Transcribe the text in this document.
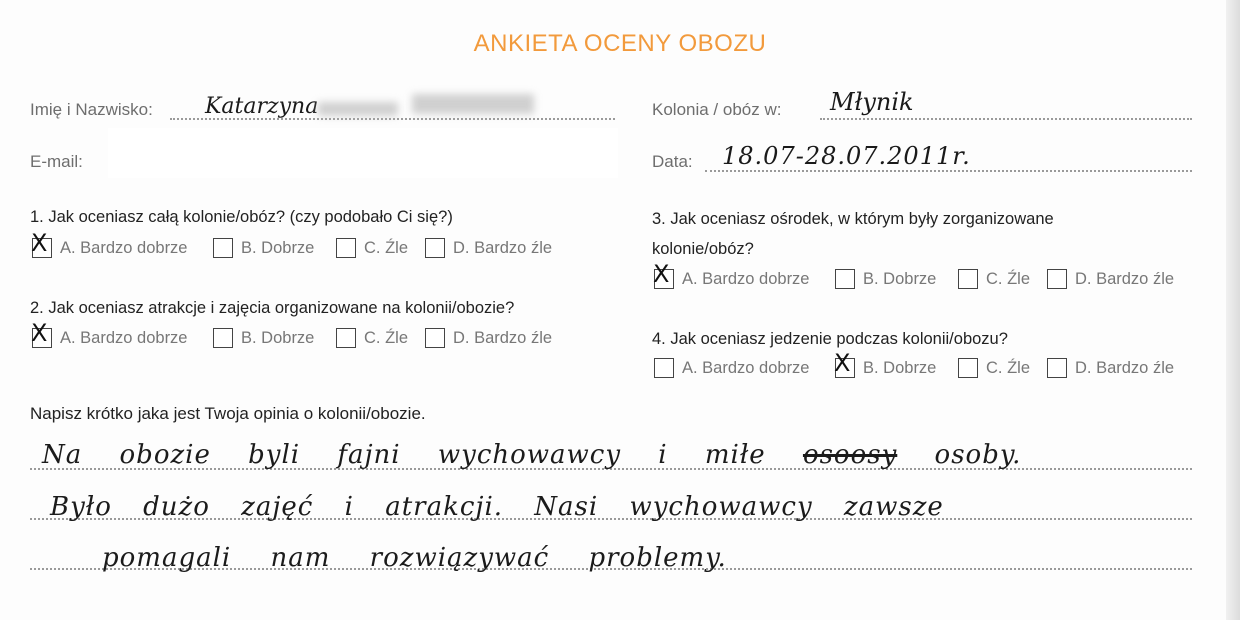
ANKIETA OCENY OBOZU
Imię i Nazwisko: Katarzyna
E-mail:
Kolonia / obóz w: Młynik
Data: 18.07-28.07.2011r.
1. Jak oceniasz całą kolonie/obóz? (czy podobało Ci się?)
X A. Bardzo dobrze	B. Dobrze	C. Źle	D. Bardzo źle
2. Jak oceniasz atrakcje i zajęcia organizowane na kolonii/obozie?
X A. Bardzo dobrze	B. Dobrze	C. Źle	D. Bardzo źle
3. Jak oceniasz ośrodek, w którym były zorganizowane
kolonie/obóz?
X A. Bardzo dobrze	B. Dobrze	C. Źle	D. Bardzo źle
4. Jak oceniasz jedzenie podczas kolonii/obozu?
A. Bardzo dobrze X B. Dobrze	C. Źle	D. Bardzo źle
Napisz krótko jaka jest Twoja opinia o kolonii/obozie.
Na obozie byli fajni wychowawcy i miłe osoosy osoby.
Było dużo zajęć i atrakcji. Nasi wychowawcy zawsze
pomagali nam rozwiązywać problemy.
